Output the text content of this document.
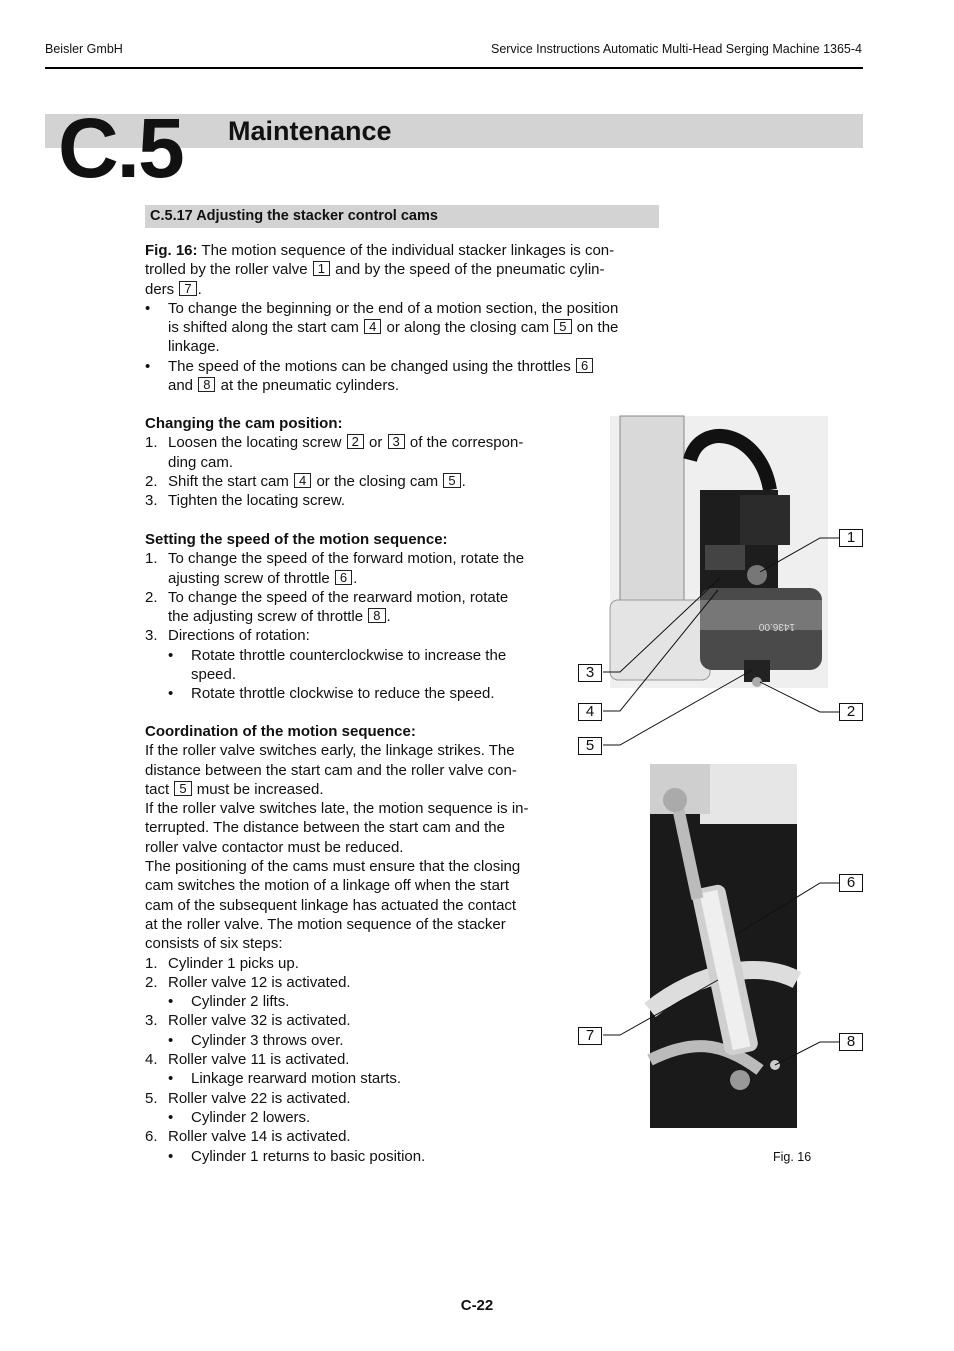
Beisler GmbH	Service Instructions Automatic Multi-Head Serging Machine 1365-4
C.5 Maintenance
C.5.17 Adjusting the stacker control cams

Fig. 16: The motion sequence of the individual stacker linkages is con-

trolled by the roller valve 1 and by the speed of the pneumatic cylin-

ders 7 .

• To change the beginning or the end of a motion section, the position

is shifted along the start cam 4 or along the closing cam 5 on the

linkage.

• The speed of the motions can be changed using the throttles 6

and 8 at the pneumatic cylinders.

Changing the cam position:

1. Loosen the locating screw 2 or 3 of the correspon-

ding cam.

2. Shift the start cam 4 or the closing cam 5 .

3. Tighten the locating screw.

Setting the speed of the motion sequence:

1. To change the speed of the forward motion, rotate the

ajusting screw of throttle 6 .

2. To change the speed of the rearward motion, rotate

the adjusting screw of throttle 8 .

3. Directions of rotation:

• Rotate throttle counterclockwise to increase the

speed.

• Rotate throttle clockwise to reduce the speed.

Coordination of the motion sequence:

If the roller valve switches early, the linkage strikes. The

distance between the start cam and the roller valve con-

tact 5 must be increased.

If the roller valve switches late, the motion sequence is in-

terrupted. The distance between the start cam and the

roller valve contactor must be reduced.

The positioning of the cams must ensure that the closing

cam switches the motion of a linkage off when the start

cam of the subsequent linkage has actuated the contact

at the roller valve. The motion sequence of the stacker

consists of six steps:

1. Cylinder 1 picks up.

2. Roller valve 12 is activated.

• Cylinder 2 lifts.

3. Roller valve 32 is activated.

• Cylinder 3 throws over.

4. Roller valve 11 is activated.

• Linkage rearward motion starts.

5. Roller valve 22 is activated.

• Cylinder 2 lowers.

6. Roller valve 14 is activated.

• Cylinder 1 returns to basic position.

1436.00
1
2
3
4
5
6
7	8
Fig. 16
C-22
